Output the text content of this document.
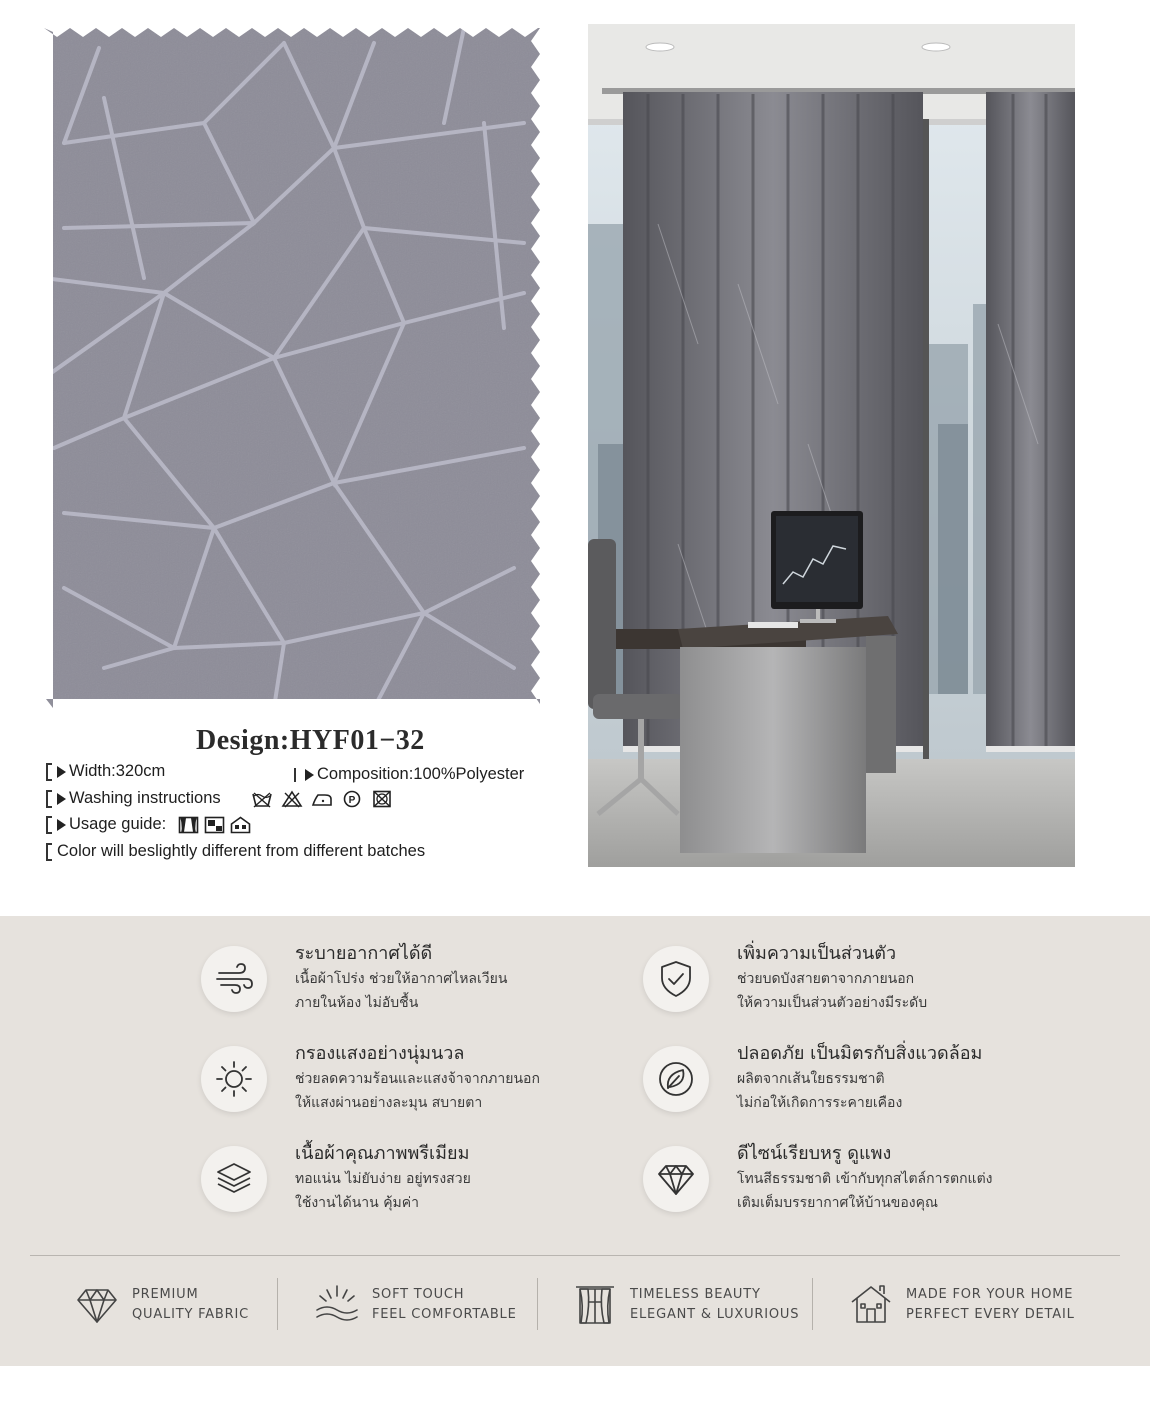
Design:HYF01−32
Width:320cm	Composition:100%Polyester
Washing instructions	P
Usage guide:
Color will beslightly different from different batches
ระบายอากาศได้ดี
เนื้อผ้าโปร่ง ช่วยให้อากาศไหลเวียน
ภายในห้อง ไม่อับชื้น
เพิ่มความเป็นส่วนตัว
ช่วยบดบังสายตาจากภายนอก
ให้ความเป็นส่วนตัวอย่างมีระดับ
กรองแสงอย่างนุ่มนวล
ช่วยลดความร้อนและแสงจ้าจากภายนอก
ให้แสงผ่านอย่างละมุน สบายตา
ปลอดภัย เป็นมิตรกับสิ่งแวดล้อม
ผลิตจากเส้นใยธรรมชาติ
ไม่ก่อให้เกิดการระคายเคือง
เนื้อผ้าคุณภาพพรีเมียม
ทอแน่น ไม่ยับง่าย อยู่ทรงสวย
ใช้งานได้นาน คุ้มค่า
ดีไซน์เรียบหรู ดูแพง
โทนสีธรรมชาติ เข้ากับทุกสไตล์การตกแต่ง
เติมเต็มบรรยากาศให้บ้านของคุณ
PREMIUM
QUALITY FABRIC
SOFT TOUCH
FEEL COMFORTABLE
TIMELESS BEAUTY
ELEGANT & LUXURIOUS
MADE FOR YOUR HOME
PERFECT EVERY DETAIL
